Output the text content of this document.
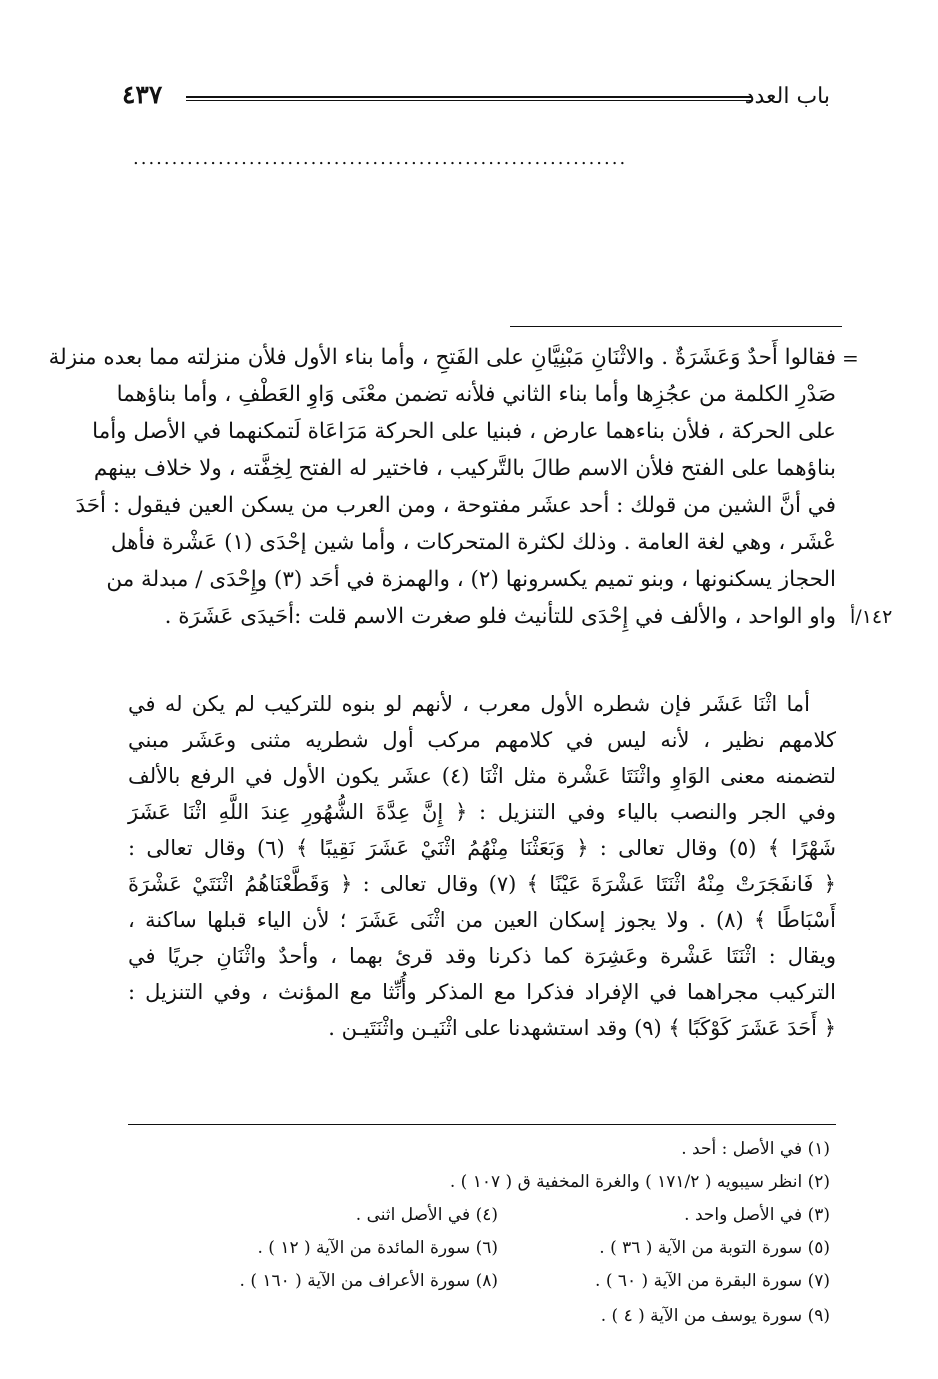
باب العدد
٤٣٧
................................................................
=
١٤٢/أ
فقالوا أَحدٌ وَعَشَرَةٌ . والاثْنَانِ مَبْنِيَّانِ على الفَتحِ ، وأما بناء الأول فلأن منزلته مما بعده منزلة
صَدْرِ الكلمة من عجُزِها وأما بناء الثاني فلأنه تضمن معْنَى وَاوِ العَطْفِ ، وأما بناؤهما
على الحركة ، فلأن بناءهما عارض ، فبنيا على الحركة مَرَاعَاة لَتمكنهما في الأصل وأما
بناؤهما على الفتح فلأن الاسم طالَ بالتَّركيب ، فاختير له الفتح لِخِفَّته ، ولا خلاف بينهم
في أنَّ الشين من قولك : أحد عشَر مفتوحة ، ومن العرب من يسكن العين فيقول : أحَدَ
عْشَر ، وهي لغة العامة . وذلك لكثرة المتحركات ، وأما شين إحْدَى (١) عَشْرة فأهل
الحجاز يسكنونها ، وبنو تميم يكسرونها (٢) ، والهمزة في أحَد (٣) وإِحْدَى / مبدلة من
واو الواحد ، والألف في إِحْدَى للتأنيث فلو صغرت الاسم قلت :أحَيدَى عَشَرَة .
أما اثْنَا عَشَر فإن شطره الأول معرب ، لأنهم لو بنوه للتركيب لم يكن له في
كلامهم نظير ، لأنه ليس في كلامهم مركب أول شطريه مثنى وعَشَر مبني
لتضمنه معنى الوَاوِ واثْنَتَا عَشْرة مثل اثْنَا (٤) عشَر يكون الأول في الرفع بالألف
وفي الجر والنصب بالياء وفي التنزيل : ﴿ إِنَّ عِدَّةَ الشُّهُورِ عِندَ اللَّهِ اثْنَا عَشَرَ
شَهْرًا ﴾ (٥) وقال تعالى : ﴿ وَبَعَثْنَا مِنْهُمُ اثْنَيْ عَشَرَ نَقِيبًا ﴾ (٦) وقال تعالى :
﴿ فَانفَجَرَتْ مِنْهُ اثْنَتَا عَشْرَةَ عَيْنًا ﴾ (٧) وقال تعالى : ﴿ وَقَطَّعْنَاهُمُ اثْنَتَيْ عَشْرَةَ
أَسْبَاطًا ﴾ (٨) . ولا يجوز إسكان العين من اثْنَى عَشَرَ ؛ لأن الياء قبلها ساكنة ،
ويقال : اثْنَتَا عَشْرة وعَشِرَة كما ذكرنا وقد قرئ بهما ، وأحدٌ واثْنَانِ جريًا في
التركيب مجراهما في الإفراد فذكرا مع المذكر وأُنِّثا مع المؤنث ، وفي التنزيل :
﴿ أَحَدَ عَشَرَ كَوْكَبًا ﴾ (٩) وقد استشهدنا على اثْنَيـن واثْنَتَيـن .
(١) في الأصل : أحد .
(٢) انظر سيبويه ( ١٧١/٢ ) والغرة المخفية ق ( ١٠٧ ) .
(٣) في الأصل واحد .
(٤) في الأصل اثنى .
(٥) سورة التوبة من الآية ( ٣٦ ) .
(٦) سورة المائدة من الآية ( ١٢ ) .
(٧) سورة البقرة من الآية ( ٦٠ ) .
(٨) سورة الأعراف من الآية ( ١٦٠ ) .
(٩) سورة يوسف من الآية ( ٤ ) .
